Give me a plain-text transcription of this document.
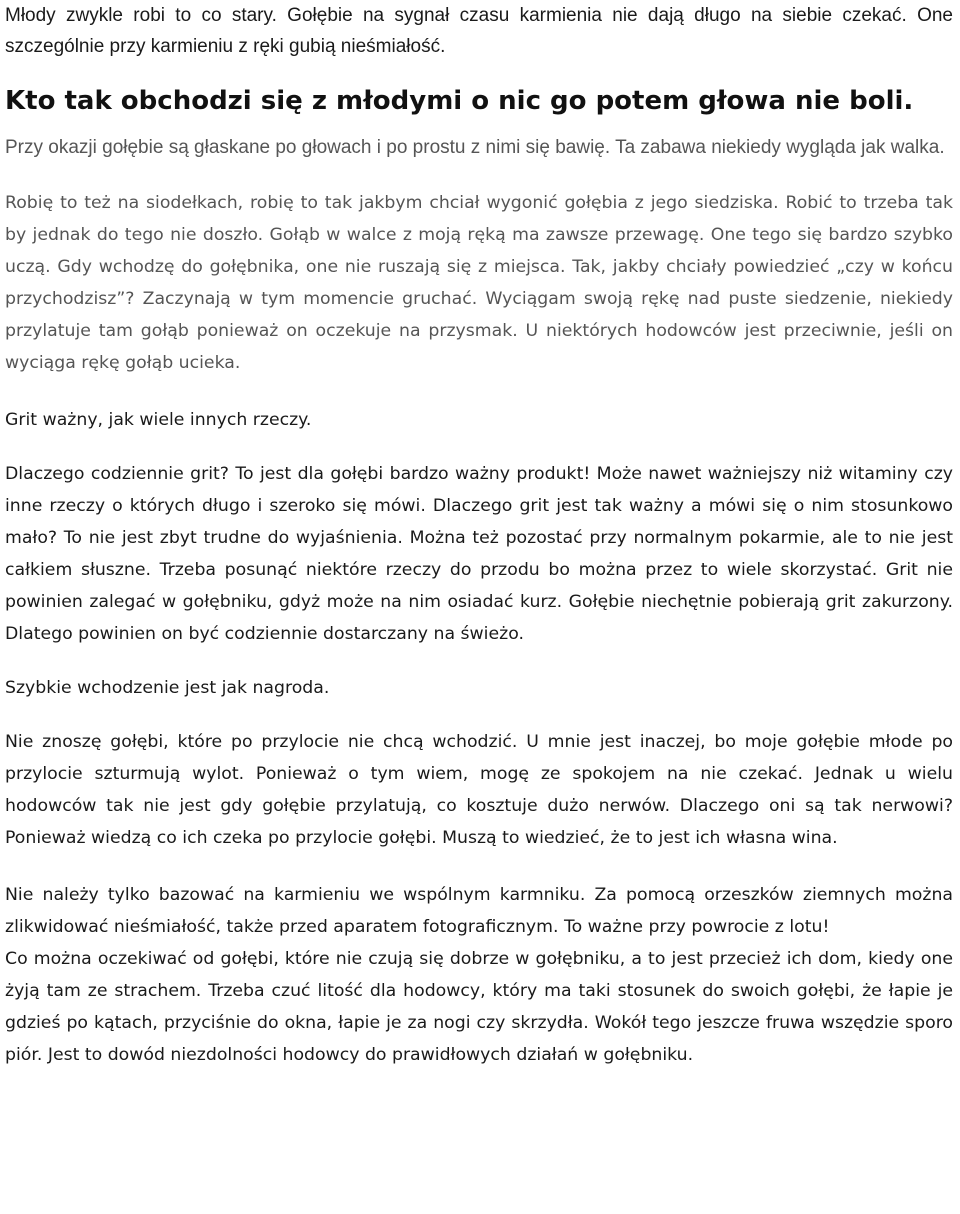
Młody zwykle robi to co stary. Gołębie na sygnał czasu karmienia nie dają długo na siebie czekać. One szczególnie przy karmieniu z ręki gubią nieśmiałość.

Kto tak obchodzi się z młodymi o nic go potem głowa nie boli.

Przy okazji gołębie są głaskane po głowach i po prostu z nimi się bawię. Ta zabawa niekiedy wygląda jak walka.

Robię to też na siodełkach, robię to tak jakbym chciał wygonić gołębia z jego siedziska. Robić to trzeba tak by jednak do tego nie doszło. Gołąb w walce z moją ręką ma zawsze przewagę. One tego się bardzo szybko uczą. Gdy wchodzę do gołębnika, one nie ruszają się z miejsca. Tak, jakby chciały powiedzieć „czy w końcu przychodzisz”? Zaczynają w tym momencie gruchać. Wyciągam swoją rękę nad puste siedzenie, niekiedy przylatuje tam gołąb ponieważ on oczekuje na przysmak. U niektórych hodowców jest przeciwnie, jeśli on wyciąga rękę gołąb ucieka.

Grit ważny, jak wiele innych rzeczy.

Dlaczego codziennie grit? To jest dla gołębi bardzo ważny produkt! Może nawet ważniejszy niż witaminy czy inne rzeczy o których długo i szeroko się mówi. Dlaczego grit jest tak ważny a mówi się o nim stosunkowo mało? To nie jest zbyt trudne do wyjaśnienia. Można też pozostać przy normalnym pokarmie, ale to nie jest całkiem słuszne. Trzeba posunąć niektóre rzeczy do przodu bo można przez to wiele skorzystać. Grit nie powinien zalegać w gołębniku, gdyż może na nim osiadać kurz. Gołębie niechętnie pobierają grit zakurzony. Dlatego powinien on być codziennie dostarczany na świeżo.

Szybkie wchodzenie jest jak nagroda.

Nie znoszę gołębi, które po przylocie nie chcą wchodzić. U mnie jest inaczej, bo moje gołębie młode po przylocie szturmują wylot. Ponieważ o tym wiem, mogę ze spokojem na nie czekać. Jednak u wielu hodowców tak nie jest gdy gołębie przylatują, co kosztuje dużo nerwów. Dlaczego oni są tak nerwowi? Ponieważ wiedzą co ich czeka po przylocie gołębi. Muszą to wiedzieć, że to jest ich własna wina.

Nie należy tylko bazować na karmieniu we wspólnym karmniku. Za pomocą orzeszków ziemnych można zlikwidować nieśmiałość, także przed aparatem fotograficznym. To ważne przy powrocie z lotu!

Co można oczekiwać od gołębi, które nie czują się dobrze w gołębniku, a to jest przecież ich dom, kiedy one żyją tam ze strachem. Trzeba czuć litość dla hodowcy, który ma taki stosunek do swoich gołębi, że łapie je gdzieś po kątach, przyciśnie do okna, łapie je za nogi czy skrzydła. Wokół tego jeszcze fruwa wszędzie sporo piór. Jest to dowód niezdolności hodowcy do prawidłowych działań w gołębniku.
